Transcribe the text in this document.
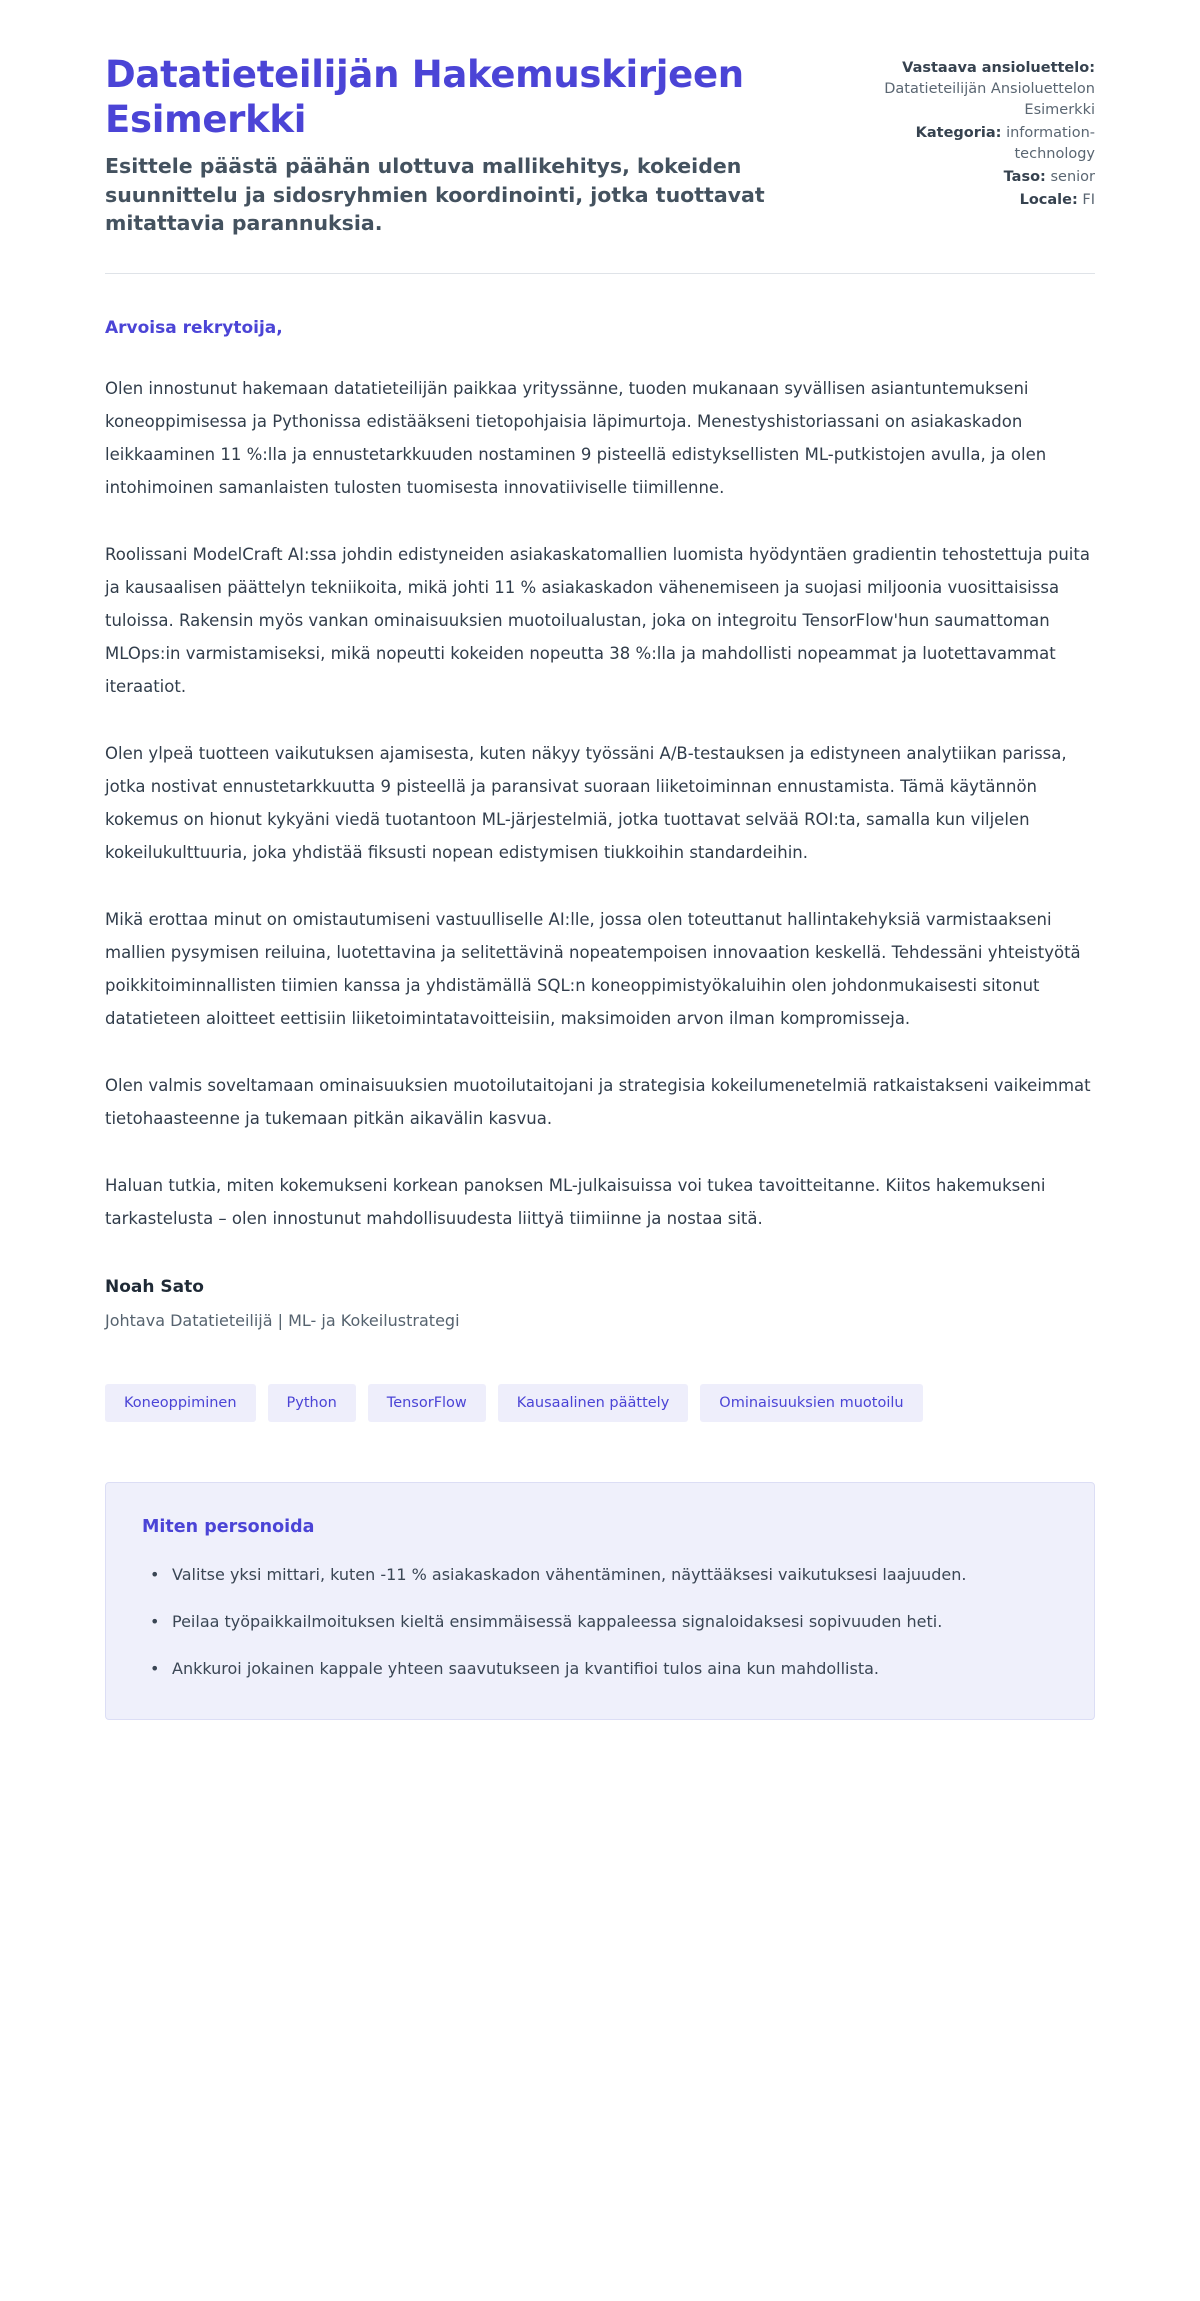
Datatieteilijän Hakemuskirjeen Esimerkki

Esittele päästä päähän ulottuva mallikehitys, kokeiden suunnittelu ja sidosryhmien koordinointi, jotka tuottavat mitattavia parannuksia.

Vastaava ansioluettelo: Datatieteilijän Ansioluettelon Esimerkki
Kategoria: information-technology
Taso: senior
Locale: FI

Arvoisa rekrytoija,

Olen innostunut hakemaan datatieteilijän paikkaa yrityssänne, tuoden mukanaan syvällisen asiantuntemukseni koneoppimisessa ja Pythonissa edistääkseni tietopohjaisia läpimurtoja. Menestyshistoriassani on asiakaskadon leikkaaminen 11 %:lla ja ennustetarkkuuden nostaminen 9 pisteellä edistyksellisten ML-putkistojen avulla, ja olen intohimoinen samanlaisten tulosten tuomisesta innovatiiviselle tiimillenne.

Roolissani ModelCraft AI:ssa johdin edistyneiden asiakaskatomallien luomista hyödyntäen gradientin tehostettuja puita ja kausaalisen päättelyn tekniikoita, mikä johti 11 % asiakaskadon vähenemiseen ja suojasi miljoonia vuosittaisissa tuloissa. Rakensin myös vankan ominaisuuksien muotoilualustan, joka on integroitu TensorFlow'hun saumattoman MLOps:in varmistamiseksi, mikä nopeutti kokeiden nopeutta 38 %:lla ja mahdollisti nopeammat ja luotettavammat iteraatiot.

Olen ylpeä tuotteen vaikutuksen ajamisesta, kuten näkyy työssäni A/B-testauksen ja edistyneen analytiikan parissa, jotka nostivat ennustetarkkuutta 9 pisteellä ja paransivat suoraan liiketoiminnan ennustamista. Tämä käytännön kokemus on hionut kykyäni viedä tuotantoon ML-järjestelmiä, jotka tuottavat selvää ROI:ta, samalla kun viljelen kokeilukulttuuria, joka yhdistää fiksusti nopean edistymisen tiukkoihin standardeihin.

Mikä erottaa minut on omistautumiseni vastuulliselle AI:lle, jossa olen toteuttanut hallintakehyksiä varmistaakseni mallien pysymisen reiluina, luotettavina ja selitettävinä nopeatempoisen innovaation keskellä. Tehdessäni yhteistyötä poikkitoiminnallisten tiimien kanssa ja yhdistämällä SQL:n koneoppimistyökaluihin olen johdonmukaisesti sitonut datatieteen aloitteet eettisiin liiketoimintatavoitteisiin, maksimoiden arvon ilman kompromisseja.

Olen valmis soveltamaan ominaisuuksien muotoilutaitojani ja strategisia kokeilumenetelmiä ratkaistakseni vaikeimmat tietohaasteenne ja tukemaan pitkän aikavälin kasvua.

Haluan tutkia, miten kokemukseni korkean panoksen ML-julkaisuissa voi tukea tavoitteitanne. Kiitos hakemukseni tarkastelusta – olen innostunut mahdollisuudesta liittyä tiimiinne ja nostaa sitä.

Noah Sato

Johtava Datatieteilijä | ML- ja Kokeilustrategi

Koneoppiminen	Python	TensorFlow	Kausaalinen päättely	Ominaisuuksien muotoilu

Miten personoida

• Valitse yksi mittari, kuten -11 % asiakaskadon vähentäminen, näyttääksesi vaikutuksesi laajuuden.
• Peilaa työpaikkailmoituksen kieltä ensimmäisessä kappaleessa signaloidaksesi sopivuuden heti.
• Ankkuroi jokainen kappale yhteen saavutukseen ja kvantifioi tulos aina kun mahdollista.
